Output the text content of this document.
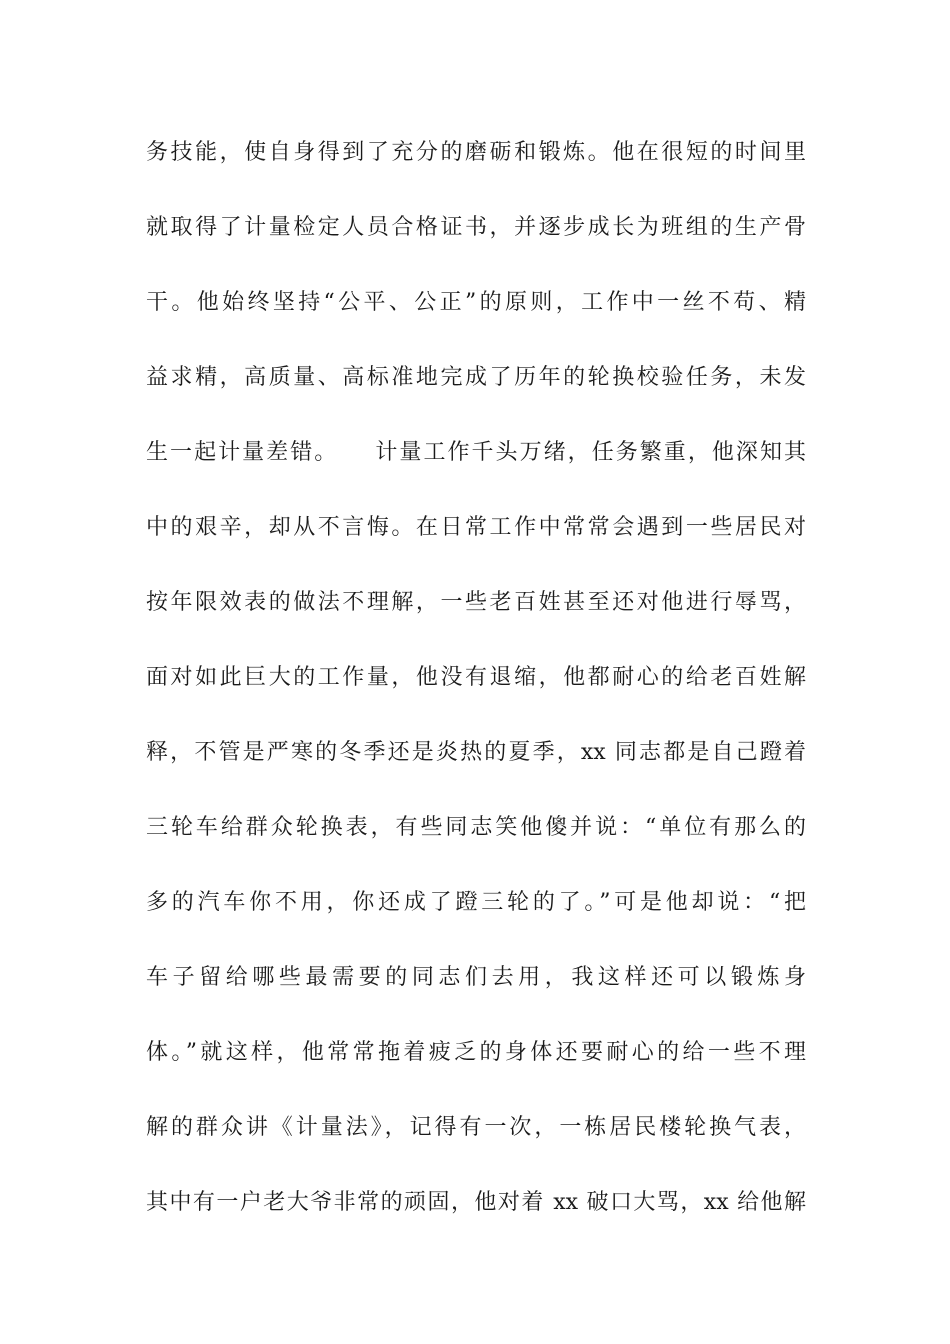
务技能，使自身得到了充分的磨砺和锻炼。他在很短的时间里
就取得了计量检定人员合格证书，并逐步成长为班组的生产骨
干。他始终坚持“公平、公正”的原则，工作中一丝不苟、精
益求精，高质量、高标准地完成了历年的轮换校验任务，未发
生一起计量差错。　　计量工作千头万绪，任务繁重，他深知其
中的艰辛，却从不言悔。在日常工作中常常会遇到一些居民对
按年限效表的做法不理解，一些老百姓甚至还对他进行辱骂，
面对如此巨大的工作量，他没有退缩，他都耐心的给老百姓解
释，不管是严寒的冬季还是炎热的夏季，xx 同志都是自己蹬着
三轮车给群众轮换表，有些同志笑他傻并说：“单位有那么的
多的汽车你不用，你还成了蹬三轮的了。”可是他却说：“把
车子留给哪些最需要的同志们去用，我这样还可以锻炼身
体。”就这样，他常常拖着疲乏的身体还要耐心的给一些不理
解的群众讲《计量法》，记得有一次，一栋居民楼轮换气表，
其中有一户老大爷非常的顽固，他对着 xx 破口大骂，xx 给他解
